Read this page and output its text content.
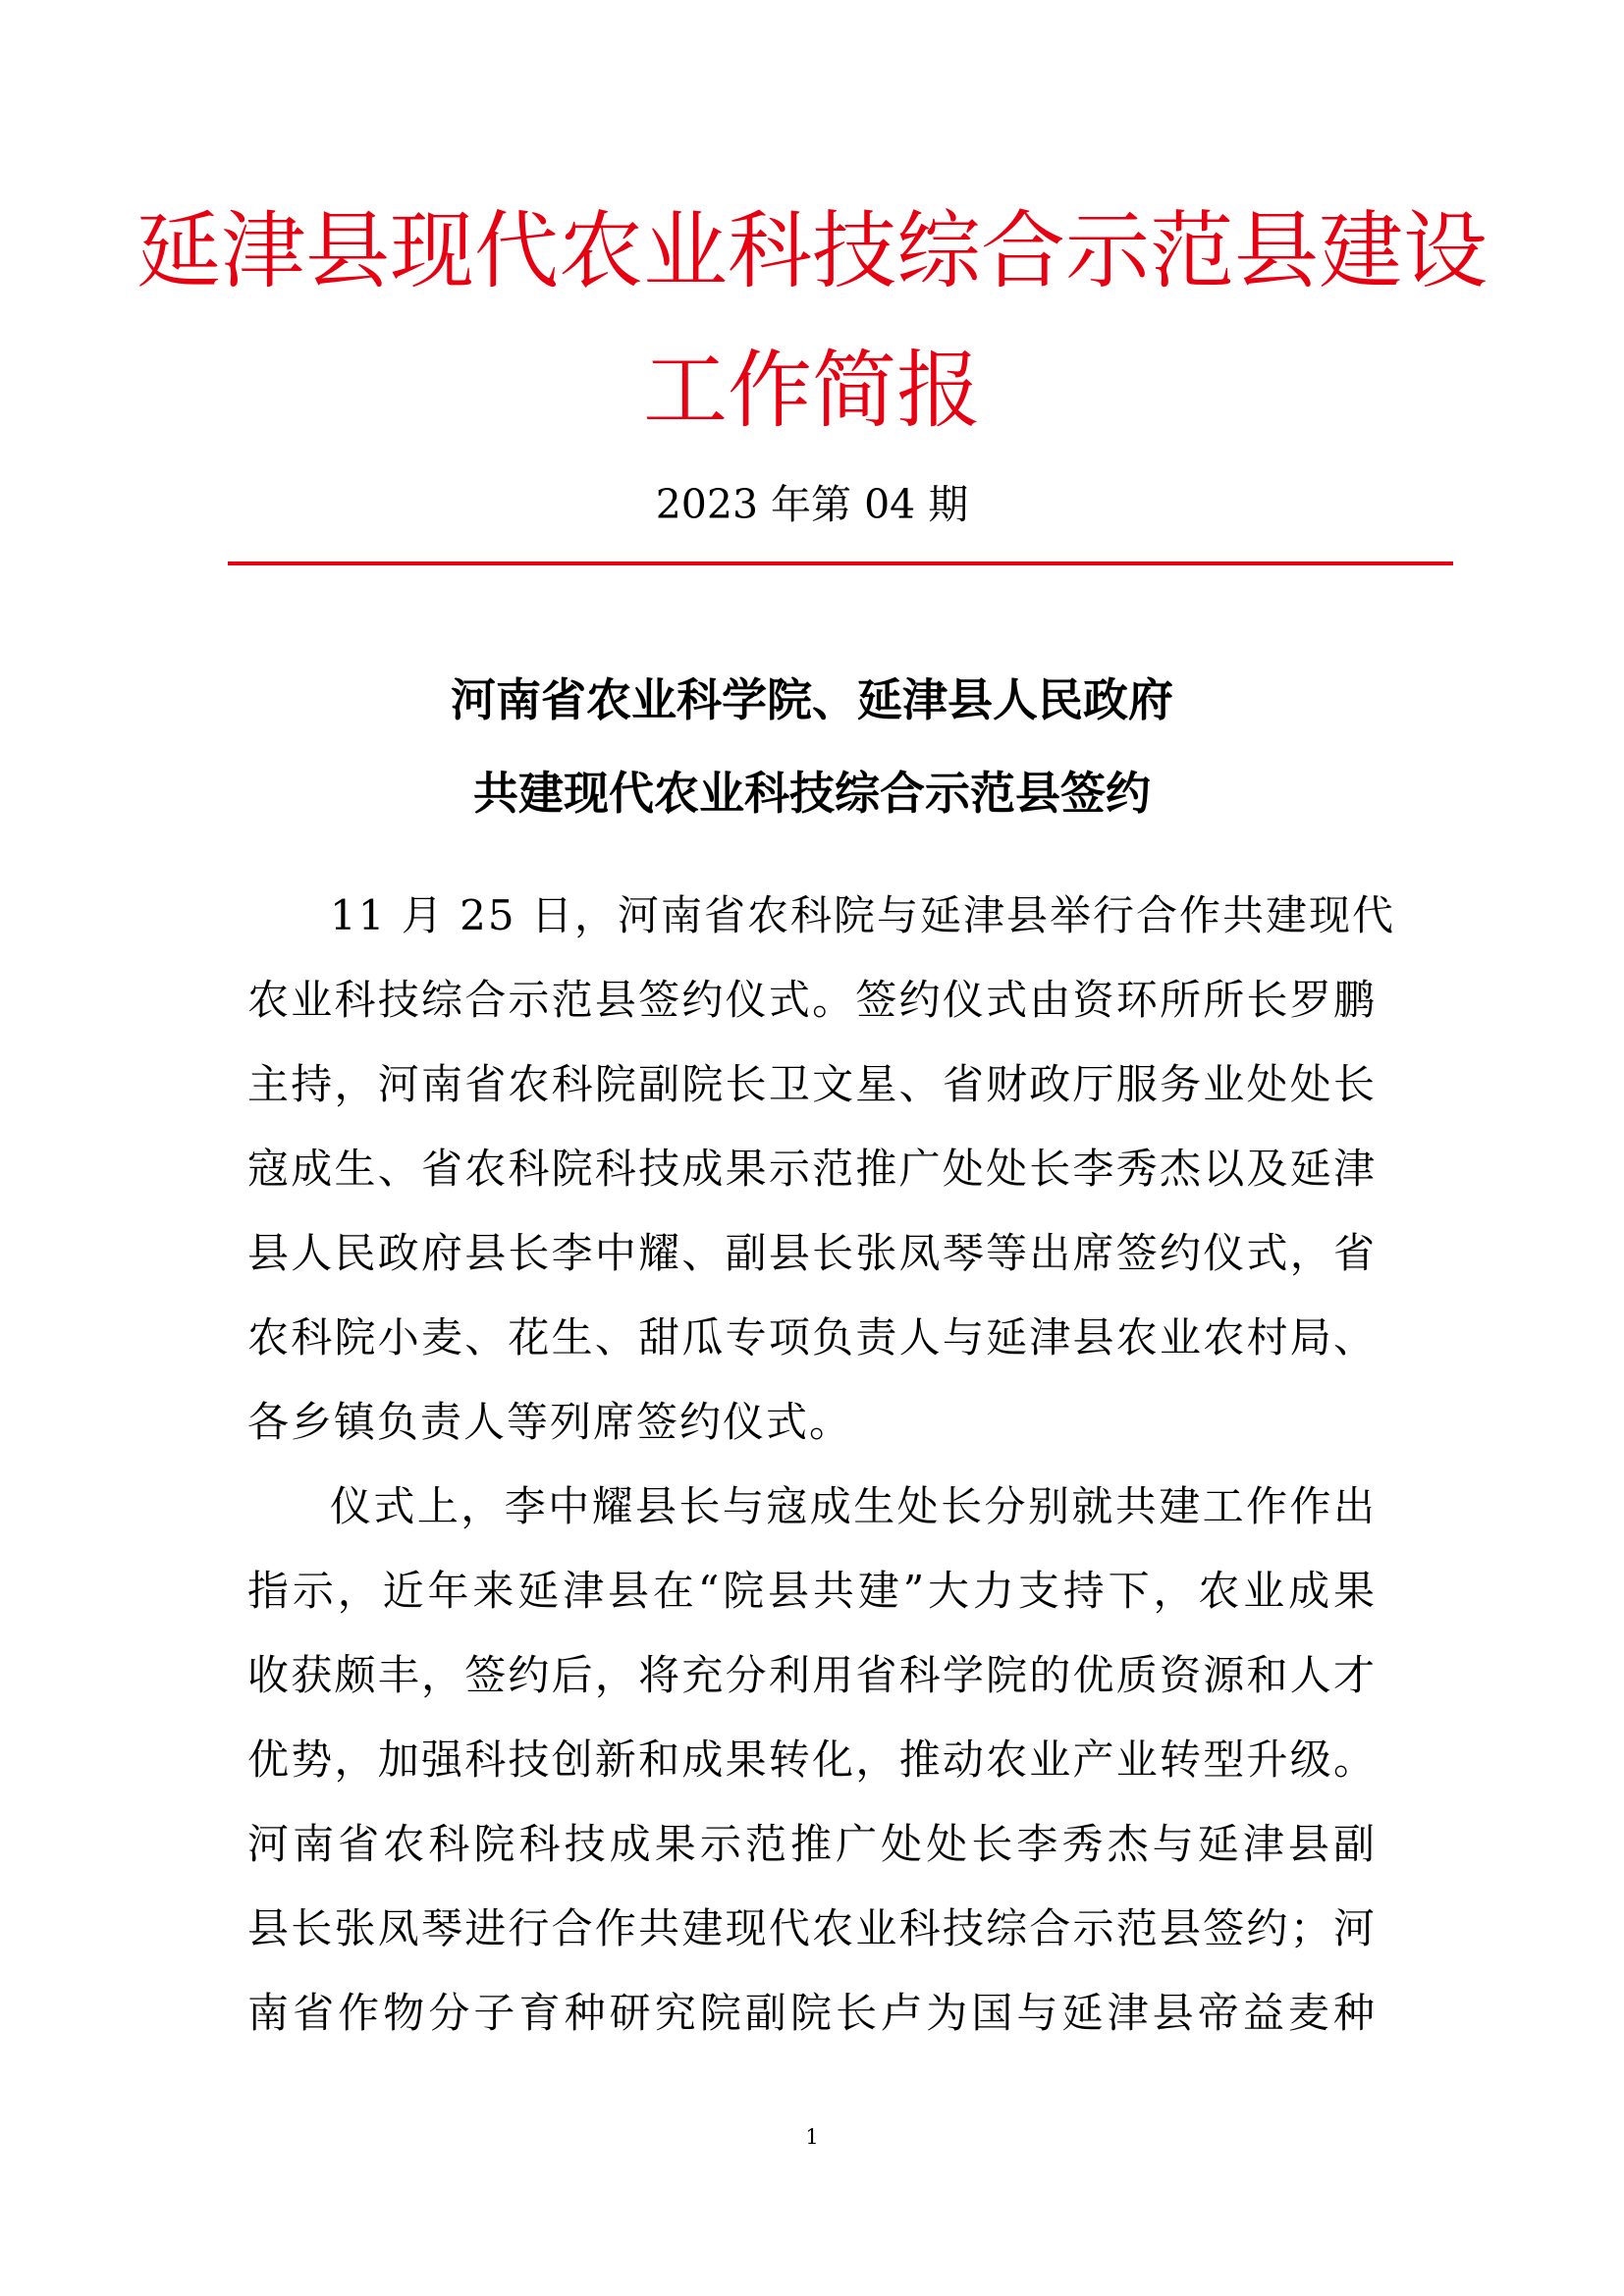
延津县现代农业科技综合示范县建设
工作简报
2023 年第 04 期
河南省农业科学院、延津县人民政府
共建现代农业科技综合示范县签约
11 月 25 日，河南省农科院与延津县举行合作共建现代
农业科技综合示范县签约仪式。签约仪式由资环所所长罗鹏
主持，河南省农科院副院长卫文星、省财政厅服务业处处长
寇成生、省农科院科技成果示范推广处处长李秀杰以及延津
县人民政府县长李中耀、副县长张凤琴等出席签约仪式，省
农科院小麦、花生、甜瓜专项负责人与延津县农业农村局、
各乡镇负责人等列席签约仪式。
仪式上，李中耀县长与寇成生处长分别就共建工作作出
指示，近年来延津县在“院县共建”大力支持下，农业成果
收获颇丰，签约后，将充分利用省科学院的优质资源和人才
优势，加强科技创新和成果转化，推动农业产业转型升级。
河南省农科院科技成果示范推广处处长李秀杰与延津县副
县长张凤琴进行合作共建现代农业科技综合示范县签约；河
南省作物分子育种研究院副院长卢为国与延津县帝益麦种
1
